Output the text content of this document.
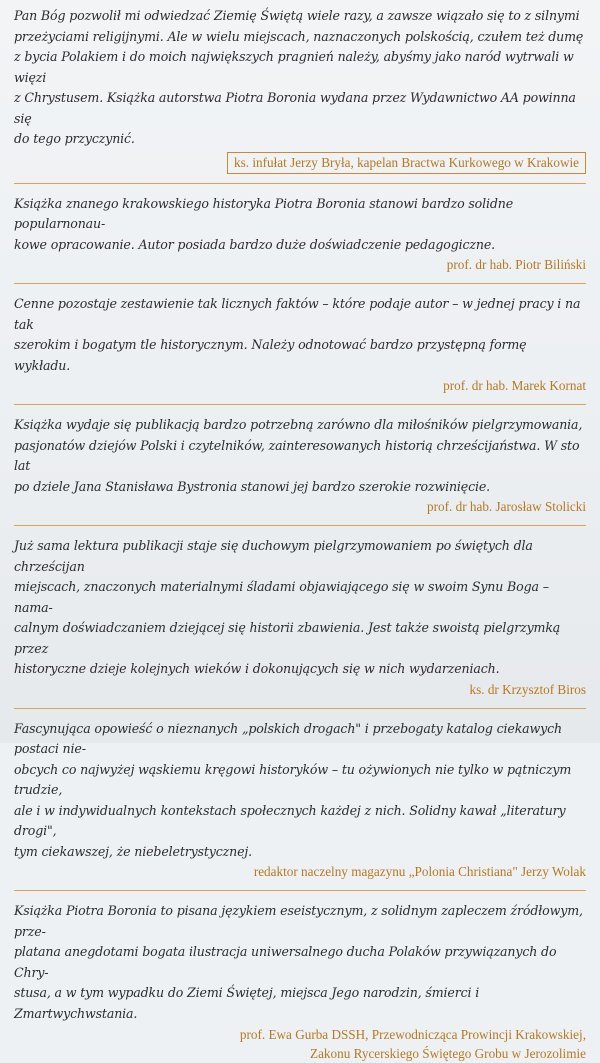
Pan Bóg pozwolił mi odwiedzać Ziemię Świętą wiele razy, a zawsze wiązało się to z silnymi
przeżyciami religijnymi. Ale w wielu miejscach, naznaczonych polskością, czułem też dumę
z bycia Polakiem i do moich największych pragnień należy, abyśmy jako naród wytrwali w więzi
z Chrystusem. Książka autorstwa Piotra Boronia wydana przez Wydawnictwo AA powinna się
do tego przyczynić.

ks. infułat Jerzy Bryła, kapelan Bractwa Kurkowego w Krakowie

Książka znanego krakowskiego historyka Piotra Boronia stanowi bardzo solidne popularnonau-
kowe opracowanie. Autor posiada bardzo duże doświadczenie pedagogiczne.

prof. dr hab. Piotr Biliński

Cenne pozostaje zestawienie tak licznych faktów – które podaje autor – w jednej pracy i na tak
szerokim i bogatym tle historycznym. Należy odnotować bardzo przystępną formę wykładu.

prof. dr hab. Marek Kornat

Książka wydaje się publikacją bardzo potrzebną zarówno dla miłośników pielgrzymowania,
pasjonatów dziejów Polski i czytelników, zainteresowanych historią chrześcijaństwa. W sto lat
po dziele Jana Stanisława Bystronia stanowi jej bardzo szerokie rozwinięcie.

prof. dr hab. Jarosław Stolicki

Już sama lektura publikacji staje się duchowym pielgrzymowaniem po świętych dla chrześcijan
miejscach, znaczonych materialnymi śladami objawiającego się w swoim Synu Boga – nama-
calnym doświadczaniem dziejącej się historii zbawienia. Jest także swoistą pielgrzymką przez
historyczne dzieje kolejnych wieków i dokonujących się w nich wydarzeniach.

ks. dr Krzysztof Biros

Fascynująca opowieść o nieznanych „polskich drogach" i przebogaty katalog ciekawych postaci nie-
obcych co najwyżej wąskiemu kręgowi historyków – tu ożywionych nie tylko w pątniczym trudzie,
ale i w indywidualnych kontekstach społecznych każdej z nich. Solidny kawał „literatury drogi",
tym ciekawszej, że niebeletrystycznej.

redaktor naczelny magazynu „Polonia Christiana" Jerzy Wolak

Książka Piotra Boronia to pisana językiem eseistycznym, z solidnym zapleczem źródłowym, prze-
platana anegdotami bogata ilustracja uniwersalnego ducha Polaków przywiązanych do Chry-
stusa, a w tym wypadku do Ziemi Świętej, miejsca Jego narodzin, śmierci i Zmartwychwstania.

prof. Ewa Gurba DSSH, Przewodnicząca Prowincji Krakowskiej,
Zakonu Rycerskiego Świętego Grobu w Jerozolimie
